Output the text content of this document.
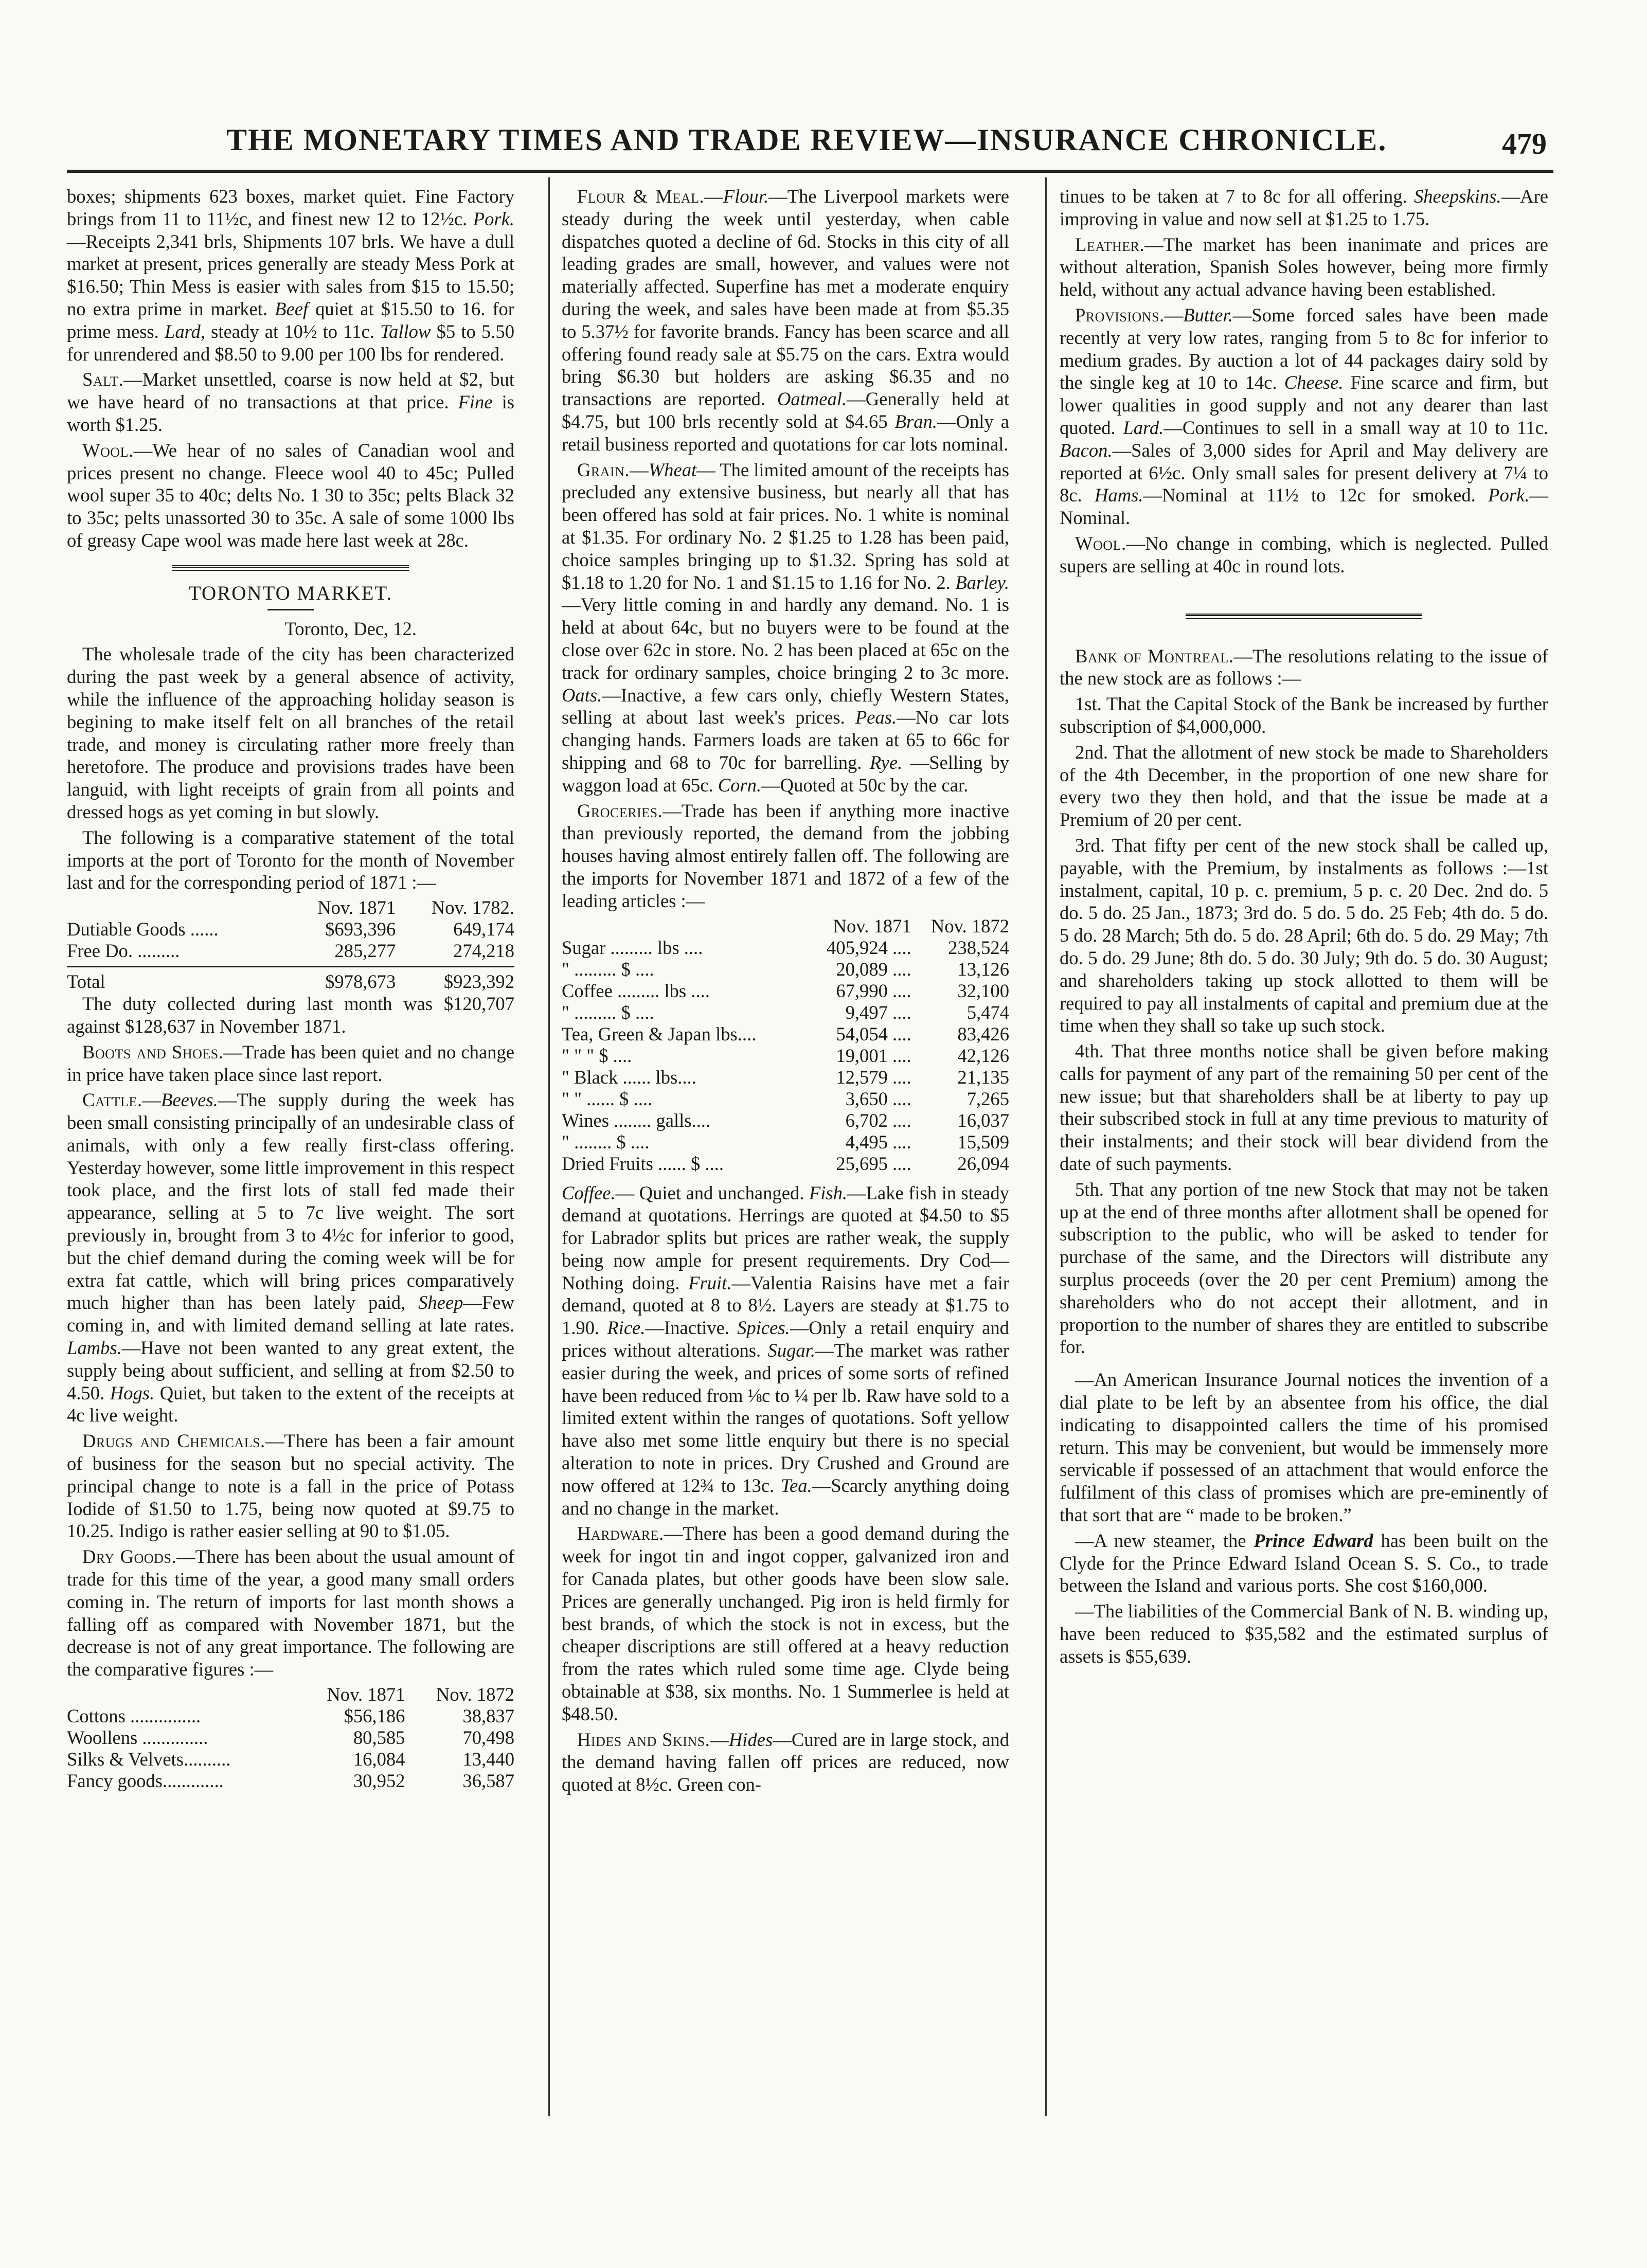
THE MONETARY TIMES AND TRADE REVIEW—INSURANCE CHRONICLE.	479

boxes; shipments 623 boxes, market quiet. Fine Factory brings from 11 to 11½c, and finest new 12 to 12½c. Pork.—Receipts 2,341 brls, Shipments 107 brls. We have a dull market at present, prices generally are steady Mess Pork at $16.50; Thin Mess is easier with sales from $15 to 15.50; no extra prime in market. Beef quiet at $15.50 to 16. for prime mess. Lard, steady at 10½ to 11c. Tallow $5 to 5.50 for unrendered and $8.50 to 9.00 per 100 lbs for rendered.

Salt.—Market unsettled, coarse is now held at $2, but we have heard of no transactions at that price. Fine is worth $1.25.

Wool.—We hear of no sales of Canadian wool and prices present no change. Fleece wool 40 to 45c; Pulled wool super 35 to 40c; delts No. 1 30 to 35c; pelts Black 32 to 35c; pelts unassorted 30 to 35c. A sale of some 1000 lbs of greasy Cape wool was made here last week at 28c.

TORONTO MARKET.

Toronto, Dec, 12.

The wholesale trade of the city has been characterized during the past week by a general absence of activity, while the influence of the approaching holiday season is begining to make itself felt on all branches of the retail trade, and money is circulating rather more freely than heretofore. The produce and provisions trades have been languid, with light receipts of grain from all points and dressed hogs as yet coming in but slowly.

The following is a comparative statement of the total imports at the port of Toronto for the month of November last and for the corresponding period of 1871 :—

	Nov. 1871	Nov. 1782.
Dutiable Goods ......	$693,396	649,174
Free Do. .........	285,277	274,218

Total	$978,673	$923,392

The duty collected during last month was $120,707 against $128,637 in November 1871.

Boots and Shoes.—Trade has been quiet and no change in price have taken place since last report.

Cattle.—Beeves.—The supply during the week has been small consisting principally of an undesirable class of animals, with only a few really first-class offering. Yesterday however, some little improvement in this respect took place, and the first lots of stall fed made their appearance, selling at 5 to 7c live weight. The sort previously in, brought from 3 to 4½c for inferior to good, but the chief demand during the coming week will be for extra fat cattle, which will bring prices comparatively much higher than has been lately paid, Sheep—Few coming in, and with limited demand selling at late rates. Lambs.—Have not been wanted to any great extent, the supply being about sufficient, and selling at from $2.50 to 4.50. Hogs. Quiet, but taken to the extent of the receipts at 4c live weight.

Drugs and Chemicals.—There has been a fair amount of business for the season but no special activity. The principal change to note is a fall in the price of Potass Iodide of $1.50 to 1.75, being now quoted at $9.75 to 10.25. Indigo is rather easier selling at 90 to $1.05.

Dry Goods.—There has been about the usual amount of trade for this time of the year, a good many small orders coming in. The return of imports for last month shows a falling off as compared with November 1871, but the decrease is not of any great importance. The following are the comparative figures :—

	Nov. 1871	Nov. 1872
Cottons ...............	$56,186	38,837
Woollens ..............	80,585	70,498
Silks & Velvets..........	16,084	13,440
Fancy goods.............	30,952	36,587

Flour & Meal.—Flour.—The Liverpool markets were steady during the week until yesterday, when cable dispatches quoted a decline of 6d. Stocks in this city of all leading grades are small, however, and values were not materially affected. Superfine has met a moderate enquiry during the week, and sales have been made at from $5.35 to 5.37½ for favorite brands. Fancy has been scarce and all offering found ready sale at $5.75 on the cars. Extra would bring $6.30 but holders are asking $6.35 and no transactions are reported. Oatmeal.—Generally held at $4.75, but 100 brls recently sold at $4.65 Bran.—Only a retail business reported and quotations for car lots nominal.

Grain.—Wheat— The limited amount of the receipts has precluded any extensive business, but nearly all that has been offered has sold at fair prices. No. 1 white is nominal at $1.35. For ordinary No. 2 $1.25 to 1.28 has been paid, choice samples bringing up to $1.32. Spring has sold at $1.18 to 1.20 for No. 1 and $1.15 to 1.16 for No. 2. Barley.—Very little coming in and hardly any demand. No. 1 is held at about 64c, but no buyers were to be found at the close over 62c in store. No. 2 has been placed at 65c on the track for ordinary samples, choice bringing 2 to 3c more. Oats.—Inactive, a few cars only, chiefly Western States, selling at about last week's prices. Peas.—No car lots changing hands. Farmers loads are taken at 65 to 66c for shipping and 68 to 70c for barrelling. Rye. —Selling by waggon load at 65c. Corn.—Quoted at 50c by the car.

Groceries.—Trade has been if anything more inactive than previously reported, the demand from the jobbing houses having almost entirely fallen off. The following are the imports for November 1871 and 1872 of a few of the leading articles :—

	Nov. 1871	Nov. 1872
Sugar ......... lbs ....	405,924 ....	238,524
" ......... $ ....	20,089 ....	13,126
Coffee ......... lbs ....	67,990 ....	32,100
" ......... $ ....	9,497 ....	5,474
Tea, Green & Japan lbs....	54,054 ....	83,426
" " " $ ....	19,001 ....	42,126
" Black ...... lbs....	12,579 ....	21,135
" " ...... $ ....	3,650 ....	7,265
Wines ........ galls....	6,702 ....	16,037
" ........ $ ....	4,495 ....	15,509
Dried Fruits ...... $ ....	25,695 ....	26,094

Coffee.— Quiet and unchanged. Fish.—Lake fish in steady demand at quotations. Herrings are quoted at $4.50 to $5 for Labrador splits but prices are rather weak, the supply being now ample for present requirements. Dry Cod—Nothing doing. Fruit.—Valentia Raisins have met a fair demand, quoted at 8 to 8½. Layers are steady at $1.75 to 1.90. Rice.—Inactive. Spices.—Only a retail enquiry and prices without alterations. Sugar.—The market was rather easier during the week, and prices of some sorts of refined have been reduced from ⅛c to ¼ per lb. Raw have sold to a limited extent within the ranges of quotations. Soft yellow have also met some little enquiry but there is no special alteration to note in prices. Dry Crushed and Ground are now offered at 12¾ to 13c. Tea.—Scarcly anything doing and no change in the market.

Hardware.—There has been a good demand during the week for ingot tin and ingot copper, galvanized iron and for Canada plates, but other goods have been slow sale. Prices are generally unchanged. Pig iron is held firmly for best brands, of which the stock is not in excess, but the cheaper discriptions are still offered at a heavy reduction from the rates which ruled some time age. Clyde being obtainable at $38, six months. No. 1 Summerlee is held at $48.50.

Hides and Skins.—Hides—Cured are in large stock, and the demand having fallen off prices are reduced, now quoted at 8½c. Green con-

tinues to be taken at 7 to 8c for all offering. Sheepskins.—Are improving in value and now sell at $1.25 to 1.75.

Leather.—The market has been inanimate and prices are without alteration, Spanish Soles however, being more firmly held, without any actual advance having been established.

Provisions.—Butter.—Some forced sales have been made recently at very low rates, ranging from 5 to 8c for inferior to medium grades. By auction a lot of 44 packages dairy sold by the single keg at 10 to 14c. Cheese. Fine scarce and firm, but lower qualities in good supply and not any dearer than last quoted. Lard.—Continues to sell in a small way at 10 to 11c. Bacon.—Sales of 3,000 sides for April and May delivery are reported at 6½c. Only small sales for present delivery at 7¼ to 8c. Hams.—Nominal at 11½ to 12c for smoked. Pork.—Nominal.

Wool.—No change in combing, which is neglected. Pulled supers are selling at 40c in round lots.

Bank of Montreal.—The resolutions relating to the issue of the new stock are as follows :—

1st. That the Capital Stock of the Bank be increased by further subscription of $4,000,000.

2nd. That the allotment of new stock be made to Shareholders of the 4th December, in the proportion of one new share for every two they then hold, and that the issue be made at a Premium of 20 per cent.

3rd. That fifty per cent of the new stock shall be called up, payable, with the Premium, by instalments as follows :—1st instalment, capital, 10 p. c. premium, 5 p. c. 20 Dec. 2nd do. 5 do. 5 do. 25 Jan., 1873; 3rd do. 5 do. 5 do. 25 Feb; 4th do. 5 do. 5 do. 28 March; 5th do. 5 do. 28 April; 6th do. 5 do. 29 May; 7th do. 5 do. 29 June; 8th do. 5 do. 30 July; 9th do. 5 do. 30 August; and shareholders taking up stock allotted to them will be required to pay all instalments of capital and premium due at the time when they shall so take up such stock.

4th. That three months notice shall be given before making calls for payment of any part of the remaining 50 per cent of the new issue; but that shareholders shall be at liberty to pay up their subscribed stock in full at any time previous to maturity of their instalments; and their stock will bear dividend from the date of such payments.

5th. That any portion of tne new Stock that may not be taken up at the end of three months after allotment shall be opened for subscription to the public, who will be asked to tender for purchase of the same, and the Directors will distribute any surplus proceeds (over the 20 per cent Premium) among the shareholders who do not accept their allotment, and in proportion to the number of shares they are entitled to subscribe for.

—An American Insurance Journal notices the invention of a dial plate to be left by an absentee from his office, the dial indicating to disappointed callers the time of his promised return. This may be convenient, but would be immensely more servicable if possessed of an attachment that would enforce the fulfilment of this class of promises which are pre-eminently of that sort that are “ made to be broken.”

—A new steamer, the Prince Edward has been built on the Clyde for the Prince Edward Island Ocean S. S. Co., to trade between the Island and various ports. She cost $160,000.

—The liabilities of the Commercial Bank of N. B. winding up, have been reduced to $35,582 and the estimated surplus of assets is $55,639.
